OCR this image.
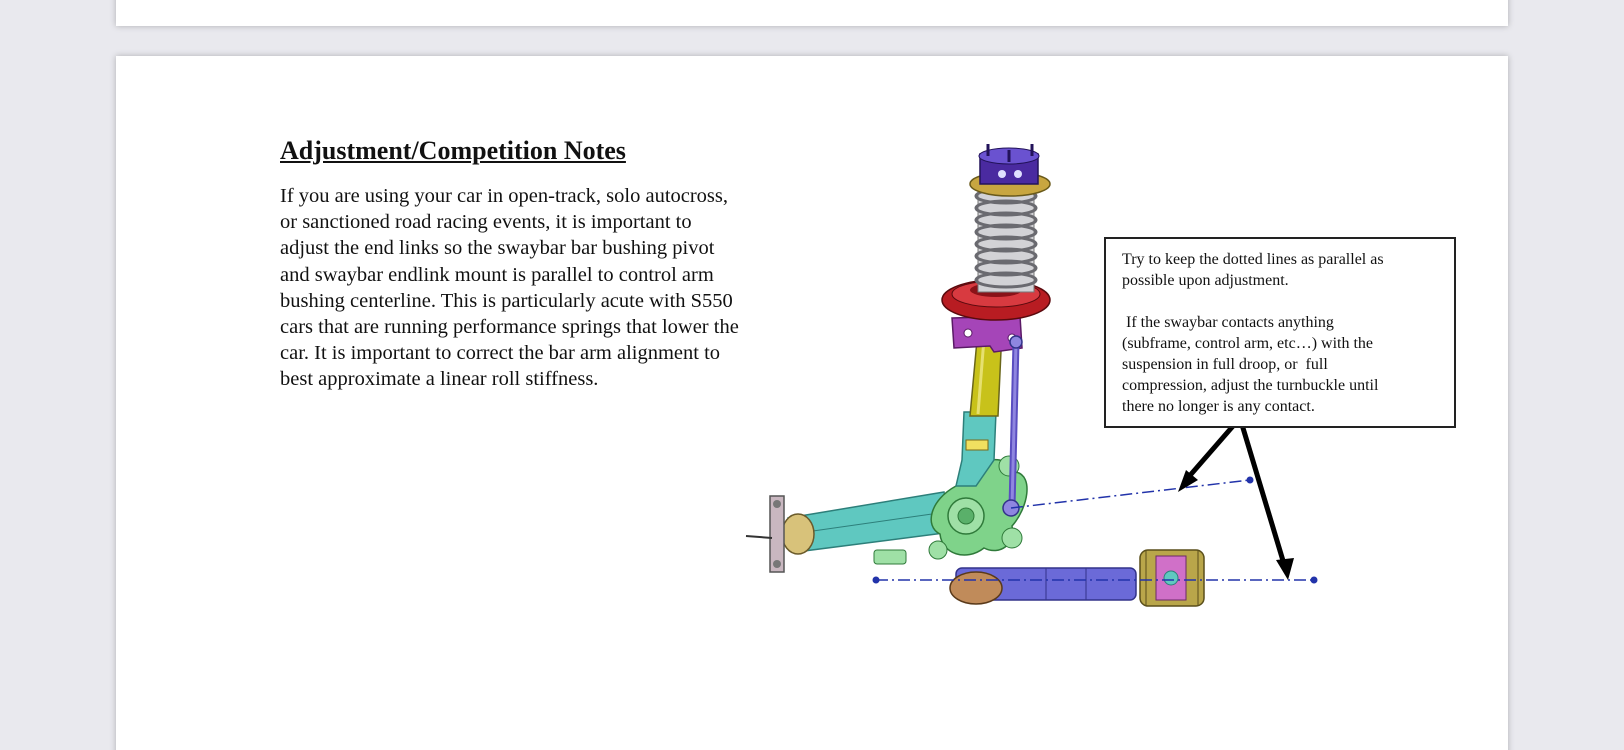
Adjustment/Competition Notes

If you are using your car in open-track, solo autocross,
or sanctioned road racing events, it is important to
adjust the end links so the swaybar bar bushing pivot
and swaybar endlink mount is parallel to control arm
bushing centerline. This is particularly acute with S550
cars that are running performance springs that lower the
car. It is important to correct the bar arm alignment to
best approximate a linear roll stiffness.

Try to keep the dotted lines as parallel as
possible upon adjustment.

If the swaybar contacts anything
(subframe, control arm, etc…) with the
suspension in full droop, or  full
compression, adjust the turnbuckle until
there no longer is any contact.
